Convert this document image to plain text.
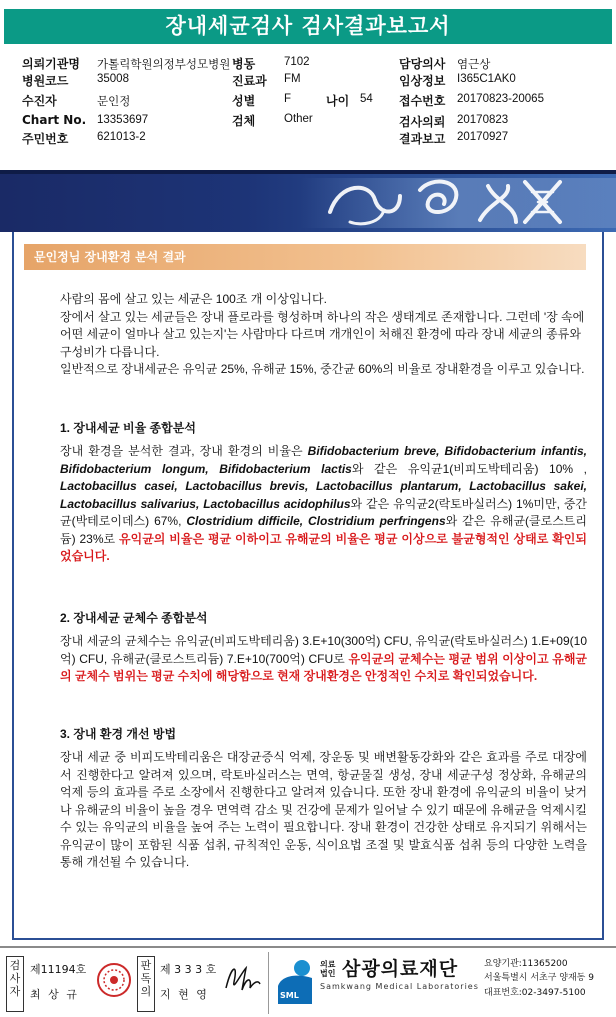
장내세균검사 검사결과보고서
의뢰기관명 가톨릭학원의정부성모병원
병원코드 35008
수진자	문인정
Chart No. 13353697
주민번호 621013-2
병동	7102
진료과 FM
성별	F	나이 54
검체	Other
담당의사 염근상
임상정보 I365C1AK0
접수번호 20170823-20065
검사의뢰 20170823
결과보고 20170927
문인정님 장내환경 분석 결과

사람의 몸에 살고 있는 세균은 100조 개 이상입니다.

장에서 살고 있는 세균들은 장내 플로라를 형성하며 하나의 작은 생태계로 존재합니다. 그런데 '장 속에 어떤 세균이 얼마나 살고 있는지'는 사람마다 다르며 개개인이 처해진 환경에 따라 장내 세균의 종류와 구성비가 다릅니다.

일반적으로 장내세균은 유익균 25%, 유해균 15%, 중간균 60%의 비율로 장내환경을 이루고 있습니다.

1. 장내세균 비율 종합분석
장내 환경을 분석한 결과, 장내 환경의 비율은 Bifidobacterium breve, Bifidobacterium infantis, Bifidobacterium longum, Bifidobacterium lactis와 같은 유익균1(비피도박테리움) 10% , Lactobacillus casei, Lactobacillus brevis, Lactobacillus plantarum, Lactobacillus sakei, Lactobacillus salivarius, Lactobacillus acidophilus와 같은 유익균2(락토바실러스) 1%미만, 중간균(박테로이데스) 67%, Clostridium difficile, Clostridium perfringens와 같은 유해균(클로스트리듐) 23%로 유익균의 비율은 평균 이하이고 유해균의 비율은 평균 이상으로 불균형적인 상태로 확인되었습니다.
2. 장내세균 균체수 종합분석
장내 세균의 균체수는 유익균(비피도박테리움) 3.E+10(300억) CFU, 유익균(락토바실러스) 1.E+09(10억) CFU, 유해균(클로스트리듐) 7.E+10(700억) CFU로 유익균의 균체수는 평균 범위 이상이고 유해균의 균체수 범위는 평균 수치에 해당함으로 현재 장내환경은 안정적인 수치로 확인되었습니다.
3. 장내 환경 개선 방법
장내 세균 중 비피도박테리움은 대장균증식 억제, 장운동 및 배변활동강화와 같은 효과를 주로 대장에서 진행한다고 알려져 있으며, 락토바실러스는 면역, 항균물질 생성, 장내 세균구성 정상화, 유해균의 억제 등의 효과를 주로 소장에서 진행한다고 알려져 있습니다. 또한 장내 환경에 유익균의 비율이 낮거나 유해균의 비율이 높을 경우 면역력 감소 및 건강에 문제가 일어날 수 있기 때문에 유해균을 억제시킬 수 있는 유익균의 비율을 높여 주는 노력이 필요합니다. 장내 환경이 건강한 상태로 유지되기 위해서는 유익균이 많이 포함된 식품 섭취, 규칙적인 운동, 식이요법 조절 및 발효식품 섭취 등의 다양한 노력을 통해 개선될 수 있습니다.
검사자
제11194호
최 상 규
판독의
제 3 3 3 호
지 현 영	SML
의료
법인 삼광의료재단
Samkwang Medical Laboratories
요양기관:11365200
서울특별시 서초구 양재동 9
대표번호:02-3497-5100
